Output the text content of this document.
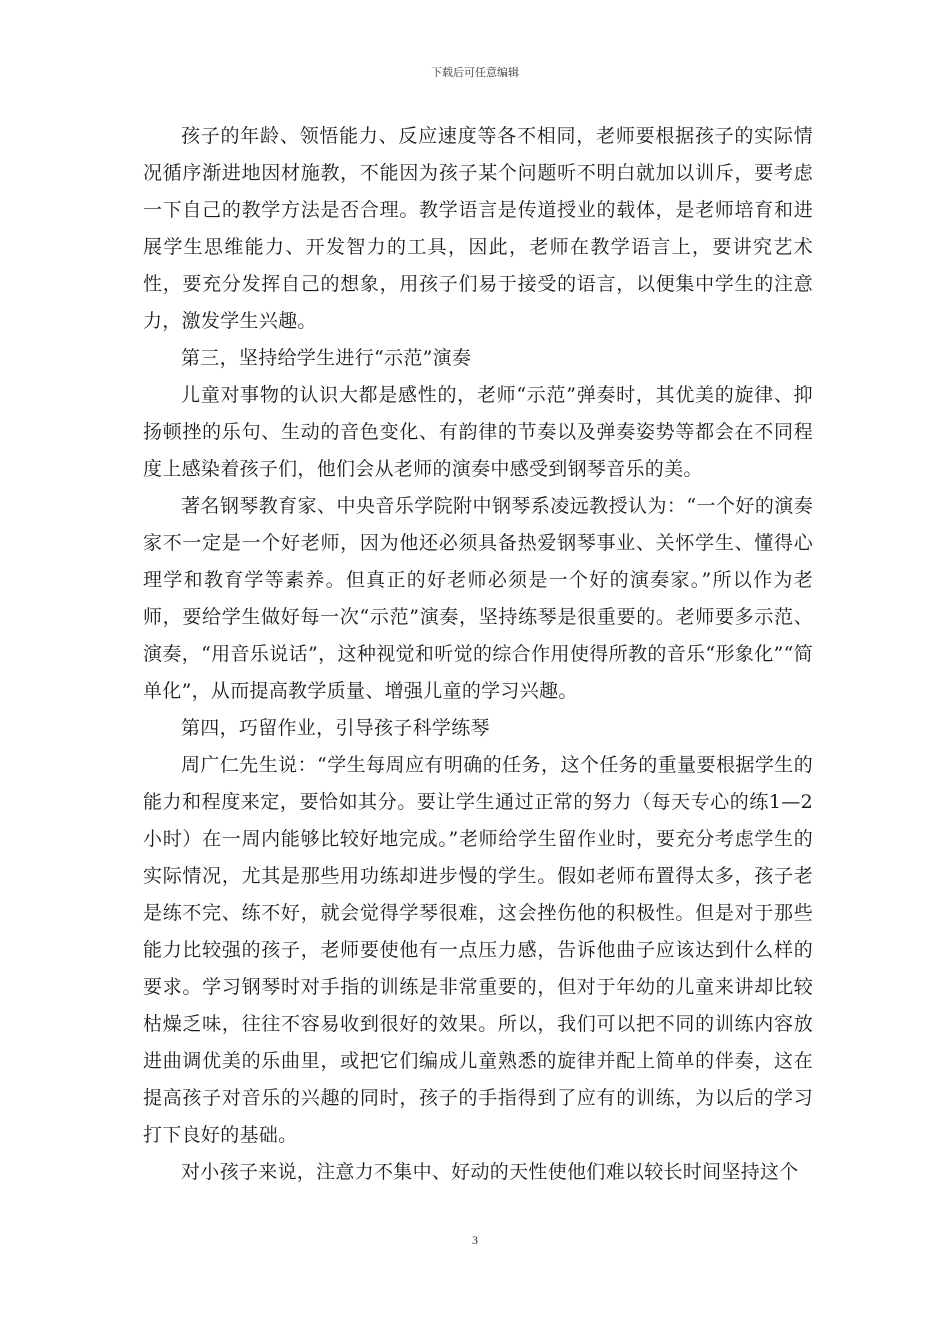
下载后可任意编辑

孩子的年龄、领悟能力、反应速度等各不相同，老师要根据孩子的实际情况循序渐进地因材施教，不能因为孩子某个问题听不明白就加以训斥，要考虑一下自己的教学方法是否合理。教学语言是传道授业的载体，是老师培育和进展学生思维能力、开发智力的工具，因此，老师在教学语言上，要讲究艺术性，要充分发挥自己的想象，用孩子们易于接受的语言，以便集中学生的注意力，激发学生兴趣。

第三，坚持给学生进行“示范”演奏

儿童对事物的认识大都是感性的，老师“示范”弹奏时，其优美的旋律、抑扬顿挫的乐句、生动的音色变化、有韵律的节奏以及弹奏姿势等都会在不同程度上感染着孩子们，他们会从老师的演奏中感受到钢琴音乐的美。

著名钢琴教育家、中央音乐学院附中钢琴系凌远教授认为：“一个好的演奏家不一定是一个好老师，因为他还必须具备热爱钢琴事业、关怀学生、懂得心理学和教育学等素养。但真正的好老师必须是一个好的演奏家。”所以作为老师，要给学生做好每一次“示范”演奏，坚持练琴是很重要的。老师要多示范、演奏，“用音乐说话”，这种视觉和听觉的综合作用使得所教的音乐“形象化”“简单化”，从而提高教学质量、增强儿童的学习兴趣。

第四，巧留作业，引导孩子科学练琴

周广仁先生说：“学生每周应有明确的任务，这个任务的重量要根据学生的能力和程度来定，要恰如其分。要让学生通过正常的努力（每天专心的练1—2小时）在一周内能够比较好地完成。”老师给学生留作业时，要充分考虑学生的实际情况，尤其是那些用功练却进步慢的学生。假如老师布置得太多，孩子老是练不完、练不好，就会觉得学琴很难，这会挫伤他的积极性。但是对于那些能力比较强的孩子，老师要使他有一点压力感，告诉他曲子应该达到什么样的要求。学习钢琴时对手指的训练是非常重要的，但对于年幼的儿童来讲却比较枯燥乏味，往往不容易收到很好的效果。所以，我们可以把不同的训练内容放进曲调优美的乐曲里，或把它们编成儿童熟悉的旋律并配上简单的伴奏，这在提高孩子对音乐的兴趣的同时，孩子的手指得到了应有的训练，为以后的学习打下良好的基础。

对小孩子来说，注意力不集中、好动的天性使他们难以较长时间坚持这个

3
